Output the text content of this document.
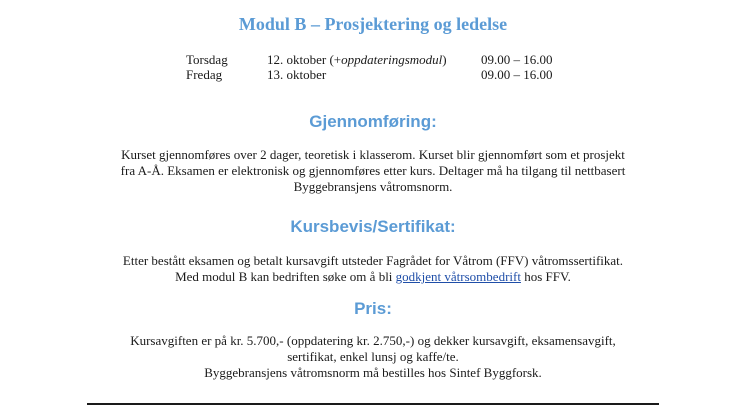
Modul B – Prosjektering og ledelse
Torsdag	12. oktober (+oppdateringsmodul)	09.00 – 16.00
Fredag	13. oktober	09.00 – 16.00
Gjennomføring:
Kurset gjennomføres over 2 dager, teoretisk i klasserom. Kurset blir gjennomført som et prosjekt
fra A-Å. Eksamen er elektronisk og gjennomføres etter kurs. Deltager må ha tilgang til nettbasert
Byggebransjens våtromsnorm.
Kursbevis/Sertifikat:
Etter bestått eksamen og betalt kursavgift utsteder Fagrådet for Våtrom (FFV) våtromssertifikat.
Med modul B kan bedriften søke om å bli godkjent våtrsombedrift hos FFV.
Pris:
Kursavgiften er på kr. 5.700,- (oppdatering kr. 2.750,-) og dekker kursavgift, eksamensavgift,
sertifikat, enkel lunsj og kaffe/te.
Byggebransjens våtromsnorm må bestilles hos Sintef Byggforsk.
